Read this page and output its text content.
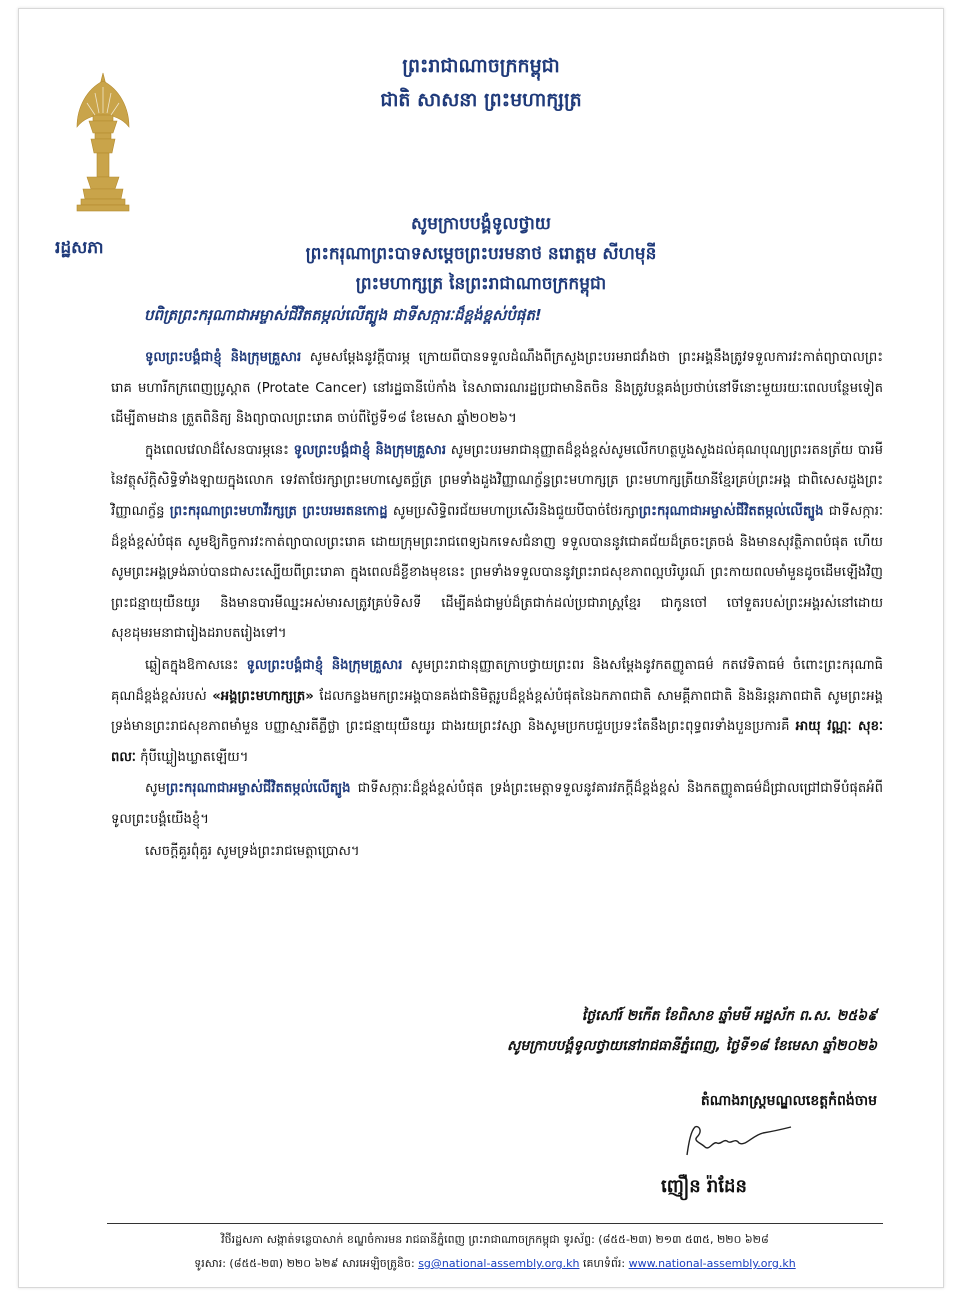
រដ្ឋសភា
ព្រះរាជាណាចក្រកម្ពុជា
ជាតិ សាសនា ព្រះមហាក្សត្រ
សូមក្រាបបង្គំទូលថ្វាយ
ព្រះករុណាព្រះបាទសម្តេចព្រះបរមនាថ នរោត្តម សីហមុនី
ព្រះមហាក្សត្រ នៃព្រះរាជាណាចក្រកម្ពុជា
បពិត្រព្រះករុណាជាអម្ចាស់ជីវិតតម្កល់លើត្បូង ជាទីសក្ការៈដ៏ខ្ពង់ខ្ពស់បំផុត!

ទូលព្រះបង្គំជាខ្ញុំ និងក្រុមគ្រួសារ សូមសម្តែងនូវក្តីបារម្ភ ក្រោយពីបានទទួលដំណឹងពីក្រសួងព្រះបរមរាជវាំងថា ព្រះអង្គនឹងត្រូវទទួលការវះកាត់ព្យាបាលព្រះរោគ មហារីកក្រពេញប្រូស្តាត (Protate Cancer) នៅរដ្ឋធានីប៉េកាំង នៃសាធារណរដ្ឋប្រជាមានិតចិន និងត្រូវបន្តគង់ប្រថាប់នៅទីនោះមួយរយៈពេលបន្ថែមទៀត ដើម្បីតាមដាន ត្រួតពិនិត្យ និងព្យាបាលព្រះរោគ ចាប់ពីថ្ងៃទី១៨ ខែមេសា ឆ្នាំ២០២៦។

ក្នុងពេលវេលាដ៏សែនបារម្ភនេះ ទូលព្រះបង្គំជាខ្ញុំ និងក្រុមគ្រួសារ សូមព្រះបរមរាជានុញ្ញាតដ៏ខ្ពង់ខ្ពស់សូមលើកហត្ថបួងសួងដល់គុណបុណ្យព្រះរតនត្រ័យ បារមីនៃវត្ថុស័ក្តិសិទ្ធិទាំងឡាយក្នុងលោក ទេវតាថែរក្សាព្រះមហាស្វេតច្ឆ័ត្រ ព្រមទាំងដួងវិញ្ញាណក្ខ័ន្ធព្រះមហាក្សត្រ ព្រះមហាក្សត្រីយានីខ្មែរគ្រប់ព្រះអង្គ ជាពិសេសដួងព្រះវិញ្ញាណក្ខ័ន្ធ ព្រះករុណាព្រះមហាវីរក្សត្រ ព្រះបរមរតនកោដ្ឋ សូមប្រសិទ្ធិពរជ័យមហាប្រសើរនិងជួយបីបាច់ថែរក្សាព្រះករុណាជាអម្ចាស់ជីវិតតម្កល់លើត្បូង ជាទីសក្ការៈដ៏ខ្ពង់ខ្ពស់បំផុត សូមឱ្យកិច្ចការវះកាត់ព្យាបាលព្រះរោគ ដោយក្រុមព្រះរាជពេទ្យឯកទេសជំនាញ ទទួលបាននូវជោគជ័យដ៏ត្រចះត្រចង់ និងមានសុវត្ថិភាពបំផុត ហើយសូមព្រះអង្គទ្រង់ឆាប់បានជាសះស្បើយពីព្រះរោគា ក្នុងពេលដ៏ខ្លីខាងមុខនេះ ព្រមទាំងទទួលបាននូវព្រះរាជសុខភាពល្អបរិបូរណ៍ ព្រះកាយពលមាំមួនដូចដើមឡើងវិញ ព្រះជន្មាយុយឺនយូរ និងមានបារមីឈ្នះអស់មារសត្រូវគ្រប់ទិសទី ដើម្បីគង់ជាម្លប់ដ៏ត្រជាក់ដល់ប្រជារាស្ត្រខ្មែរ ជាកូនចៅ ចៅទួតរបស់ព្រះអង្គរស់នៅដោយសុខដុមរមនាជារៀងដរាបតរៀងទៅ។

ឆ្លៀតក្នុងឱកាសនេះ ទូលព្រះបង្គំជាខ្ញុំ និងក្រុមគ្រួសារ សូមព្រះរាជានុញ្ញាតក្រាបថ្វាយព្រះពរ និងសម្តែងនូវកតញ្ញូតាធម៌ កតវេទិតាធម៌ ចំពោះព្រះករុណាធិគុណដ៏ខ្ពង់ខ្ពស់របស់ «អង្គព្រះមហាក្សត្រ» ដែលកន្លងមកព្រះអង្គបានគង់ជានិមិត្តរូបដ៏ខ្ពង់ខ្ពស់បំផុតនៃឯកភាពជាតិ សាមគ្គីភាពជាតិ និងនិរន្តរភាពជាតិ សូមព្រះអង្គទ្រង់មានព្រះរាជសុខភាពមាំមួន បញ្ញាស្មារតីភ្លឺថ្លា ព្រះជន្មាយុយឺនយូរ ជាងរយព្រះវស្សា និងសូមប្រកបជួបប្រទះតែនឹងព្រះពុទ្ធពរទាំងបួនប្រការគឺ អាយុ វណ្ណៈ សុខៈ ពលៈ កុំបីឃ្លៀងឃ្លាតឡើយ។

សូមព្រះករុណាជាអម្ចាស់ជីវិតតម្កល់លើត្បូង ជាទីសក្ការៈដ៏ខ្ពង់ខ្ពស់បំផុត ទ្រង់ព្រះមេត្តាទទួលនូវគារវភក្តីដ៏ខ្ពង់ខ្ពស់ និងកតញ្ញូតាធម៌ដ៏ជ្រាលជ្រៅជាទីបំផុតអំពីទូលព្រះបង្គំយើងខ្ញុំ។

សេចក្តីគួរពុំគួរ សូមទ្រង់ព្រះរាជមេត្តាប្រោស។

ថ្ងៃសៅរ៍ ២កើត ខែពិសាខ ឆ្នាំមមី អដ្ឋស័ក ព.ស. ២៥៦៩
សូមក្រាបបង្គំទូលថ្វាយនៅរាជធានីភ្នំពេញ, ថ្ងៃទី១៨ ខែមេសា ឆ្នាំ២០២៦
តំណាងរាស្ត្រមណ្ឌលខេត្តកំពង់ចាម
ញឿន រ៉ាដែន
វិថីរដ្ឋសភា សង្កាត់ទន្លេបាសាក់ ខណ្ឌចំការមន រាជធានីភ្នំពេញ ព្រះរាជាណាចក្រកម្ពុជា ទូរស័ព្ទ: (៨៥៥-២៣) ២១៣ ៥៣៥, ២២០ ៦២៨
ទូរសារ: (៨៥៥-២៣) ២២០ ៦២៩ សារអេឡិចត្រូនិច: sg@national-assembly.org.kh គេហទំព័រ: www.national-assembly.org.kh
